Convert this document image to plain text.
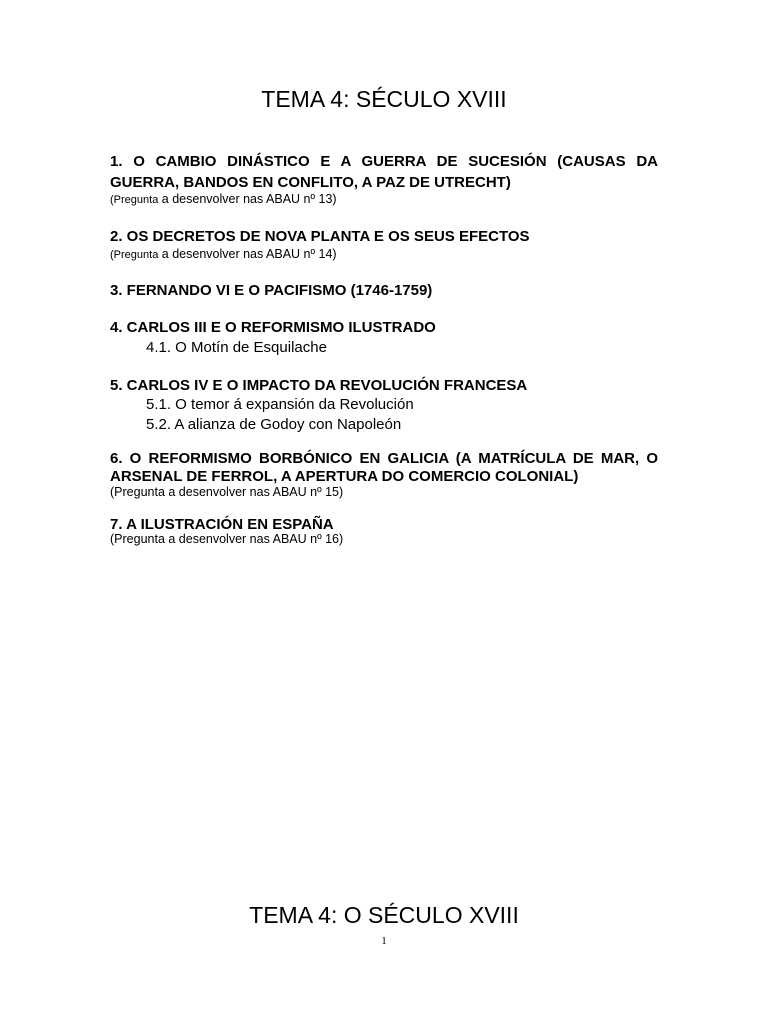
TEMA 4: SÉCULO XVIII
1. O CAMBIO DINÁSTICO E A GUERRA DE SUCESIÓN (CAUSAS DA GUERRA, BANDOS EN CONFLITO, A PAZ DE UTRECHT)
(Pregunta a desenvolver nas ABAU nº 13)
2. OS DECRETOS DE NOVA PLANTA E OS SEUS EFECTOS
(Pregunta a desenvolver nas ABAU nº 14)
3. FERNANDO VI E O PACIFISMO (1746-1759)
4. CARLOS III E O REFORMISMO ILUSTRADO
4.1. O Motín de Esquilache
5. CARLOS IV E O IMPACTO DA REVOLUCIÓN FRANCESA
5.1. O temor á expansión da Revolución
5.2. A alianza de Godoy con Napoleón
6. O REFORMISMO BORBÓNICO EN GALICIA (A MATRÍCULA DE MAR, O ARSENAL DE FERROL, A APERTURA DO COMERCIO COLONIAL)
(Pregunta a desenvolver nas ABAU nº 15)
7. A ILUSTRACIÓN EN ESPAÑA
(Pregunta a desenvolver nas ABAU nº 16)
TEMA 4: O SÉCULO XVIII
1
